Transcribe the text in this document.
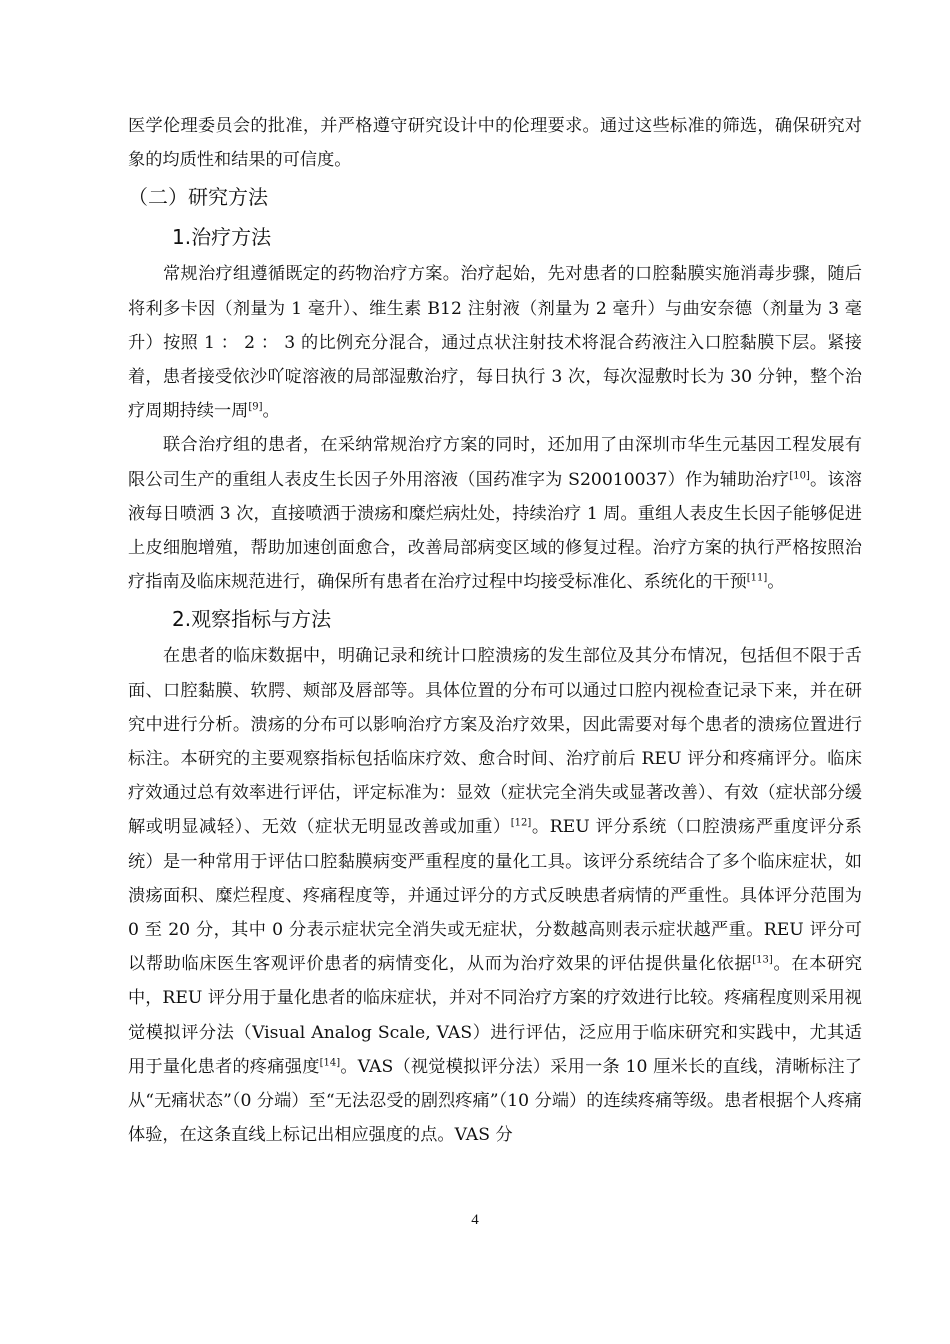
医学伦理委员会的批准，并严格遵守研究设计中的伦理要求。通过这些标准的筛选，确保研究对象的均质性和结果的可信度。

（二）研究方法
1.治疗方法

常规治疗组遵循既定的药物治疗方案。治疗起始，先对患者的口腔黏膜实施消毒步骤，随后将利多卡因（剂量为 1 毫升）、维生素 B12 注射液（剂量为 2 毫升）与曲安奈德（剂量为 3 毫升）按照 1 ： 2 ： 3 的比例充分混合，通过点状注射技术将混合药液注入口腔黏膜下层。紧接着，患者接受依沙吖啶溶液的局部湿敷治疗，每日执行 3 次，每次湿敷时长为 30 分钟，整个治疗周期持续一周[9]。

联合治疗组的患者，在采纳常规治疗方案的同时，还加用了由深圳市华生元基因工程发展有限公司生产的重组人表皮生长因子外用溶液（国药准字为 S20010037）作为辅助治疗[10]。该溶液每日喷洒 3 次，直接喷洒于溃疡和糜烂病灶处，持续治疗 1 周。重组人表皮生长因子能够促进上皮细胞增殖，帮助加速创面愈合，改善局部病变区域的修复过程。治疗方案的执行严格按照治疗指南及临床规范进行，确保所有患者在治疗过程中均接受标准化、系统化的干预[11]。

2.观察指标与方法

在患者的临床数据中，明确记录和统计口腔溃疡的发生部位及其分布情况，包括但不限于舌面、口腔黏膜、软腭、颊部及唇部等。具体位置的分布可以通过口腔内视检查记录下来，并在研究中进行分析。溃疡的分布可以影响治疗方案及治疗效果，因此需要对每个患者的溃疡位置进行标注。本研究的主要观察指标包括临床疗效、愈合时间、治疗前后 REU 评分和疼痛评分。临床疗效通过总有效率进行评估，评定标准为：显效（症状完全消失或显著改善）、有效（症状部分缓解或明显减轻）、无效（症状无明显改善或加重）[12]。REU 评分系统（口腔溃疡严重度评分系统）是一种常用于评估口腔黏膜病变严重程度的量化工具。该评分系统结合了多个临床症状，如溃疡面积、糜烂程度、疼痛程度等，并通过评分的方式反映患者病情的严重性。具体评分范围为 0 至 20 分，其中 0 分表示症状完全消失或无症状，分数越高则表示症状越严重。REU 评分可以帮助临床医生客观评价患者的病情变化，从而为治疗效果的评估提供量化依据[13]。在本研究中，REU 评分用于量化患者的临床症状，并对不同治疗方案的疗效进行比较。疼痛程度则采用视觉模拟评分法（Visual Analog Scale, VAS）进行评估，泛应用于临床研究和实践中，尤其适用于量化患者的疼痛强度[14]。VAS（视觉模拟评分法）采用一条 10 厘米长的直线，清晰标注了从“无痛状态”（0 分端）至“无法忍受的剧烈疼痛”（10 分端）的连续疼痛等级。患者根据个人疼痛体验，在这条直线上标记出相应强度的点。VAS 分

4
